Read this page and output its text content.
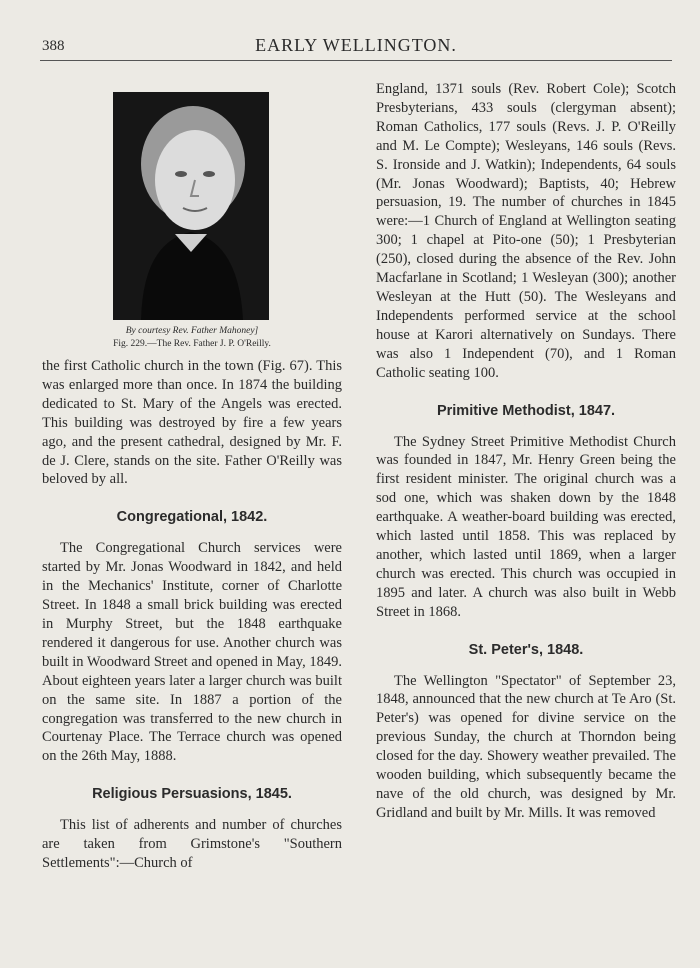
388	EARLY WELLINGTON.
By courtesy Rev. Father Mahoney]
Fig. 229.—The Rev. Father J. P. O'Reilly.

the first Catholic church in the town (Fig. 67). This was enlarged more than once. In 1874 the building dedicated to St. Mary of the Angels was erected. This building was destroyed by fire a few years ago, and the present cathedral, designed by Mr. F. de J. Clere, stands on the site. Father O'Reilly was beloved by all.

Congregational, 1842.

The Congregational Church services were started by Mr. Jonas Woodward in 1842, and held in the Mechanics' Institute, corner of Charlotte Street. In 1848 a small brick building was erected in Murphy Street, but the 1848 earthquake rendered it dangerous for use. Another church was built in Woodward Street and opened in May, 1849. About eighteen years later a larger church was built on the same site. In 1887 a portion of the congregation was transferred to the new church in Courtenay Place. The Terrace church was opened on the 26th May, 1888.

Religious Persuasions, 1845.

This list of adherents and number of churches are taken from Grimstone's "Southern Settlements":—Church of

England, 1371 souls (Rev. Robert Cole); Scotch Presbyterians, 433 souls (clergyman absent); Roman Catholics, 177 souls (Revs. J. P. O'Reilly and M. Le Compte); Wesleyans, 146 souls (Revs. S. Ironside and J. Watkin); Independents, 64 souls (Mr. Jonas Woodward); Baptists, 40; Hebrew persuasion, 19. The number of churches in 1845 were:—1 Church of England at Wellington seating 300; 1 chapel at Pito-one (50); 1 Presbyterian (250), closed during the absence of the Rev. John Macfarlane in Scotland; 1 Wesleyan (300); another Wesleyan at the Hutt (50). The Wesleyans and Independents performed service at the school house at Karori alternatively on Sundays. There was also 1 Independent (70), and 1 Roman Catholic seating 100.

Primitive Methodist, 1847.

The Sydney Street Primitive Methodist Church was founded in 1847, Mr. Henry Green being the first resident minister. The original church was a sod one, which was shaken down by the 1848 earthquake. A weather-board building was erected, which lasted until 1858. This was replaced by another, which lasted until 1869, when a larger church was erected. This church was occupied in 1895 and later. A church was also built in Webb Street in 1868.

St. Peter's, 1848.

The Wellington "Spectator" of September 23, 1848, announced that the new church at Te Aro (St. Peter's) was opened for divine service on the previous Sunday, the church at Thorndon being closed for the day. Showery weather prevailed. The wooden building, which subsequently became the nave of the old church, was designed by Mr. Gridland and built by Mr. Mills. It was removed
